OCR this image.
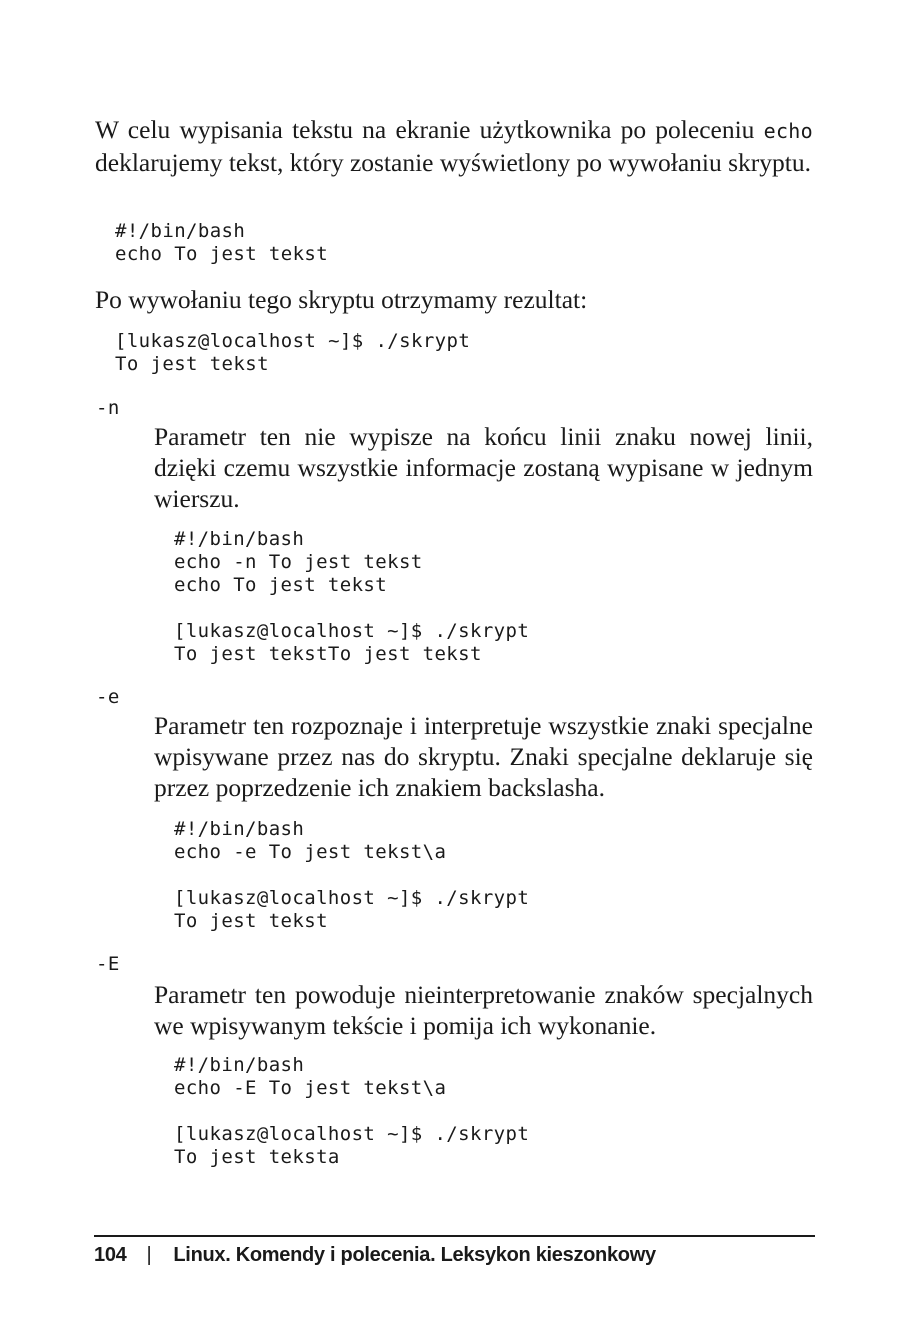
W celu wypisania tekstu na ekranie użytkownika po poleceniu echo deklarujemy tekst, który zostanie wyświetlony po wywołaniu skryptu.

#!/bin/bash
echo To jest tekst

Po wywołaniu tego skryptu otrzymamy rezultat:

[lukasz@localhost ~]$ ./skrypt
To jest tekst
-n

Parametr ten nie wypisze na końcu linii znaku nowej linii, dzięki czemu wszystkie informacje zostaną wypisane w jednym wierszu.

#!/bin/bash
echo -n To jest tekst
echo To jest tekst
[lukasz@localhost ~]$ ./skrypt
To jest tekstTo jest tekst
-e

Parametr ten rozpoznaje i interpretuje wszystkie znaki specjalne wpisywane przez nas do skryptu. Znaki specjalne deklaruje się przez poprzedzenie ich znakiem backslasha.

#!/bin/bash
echo -e To jest tekst\a
[lukasz@localhost ~]$ ./skrypt
To jest tekst
-E

Parametr ten powoduje nieinterpretowanie znaków specjalnych we wpisywanym tekście i pomija ich wykonanie.

#!/bin/bash
echo -E To jest tekst\a
[lukasz@localhost ~]$ ./skrypt
To jest teksta
104 | Linux. Komendy i polecenia. Leksykon kieszonkowy
